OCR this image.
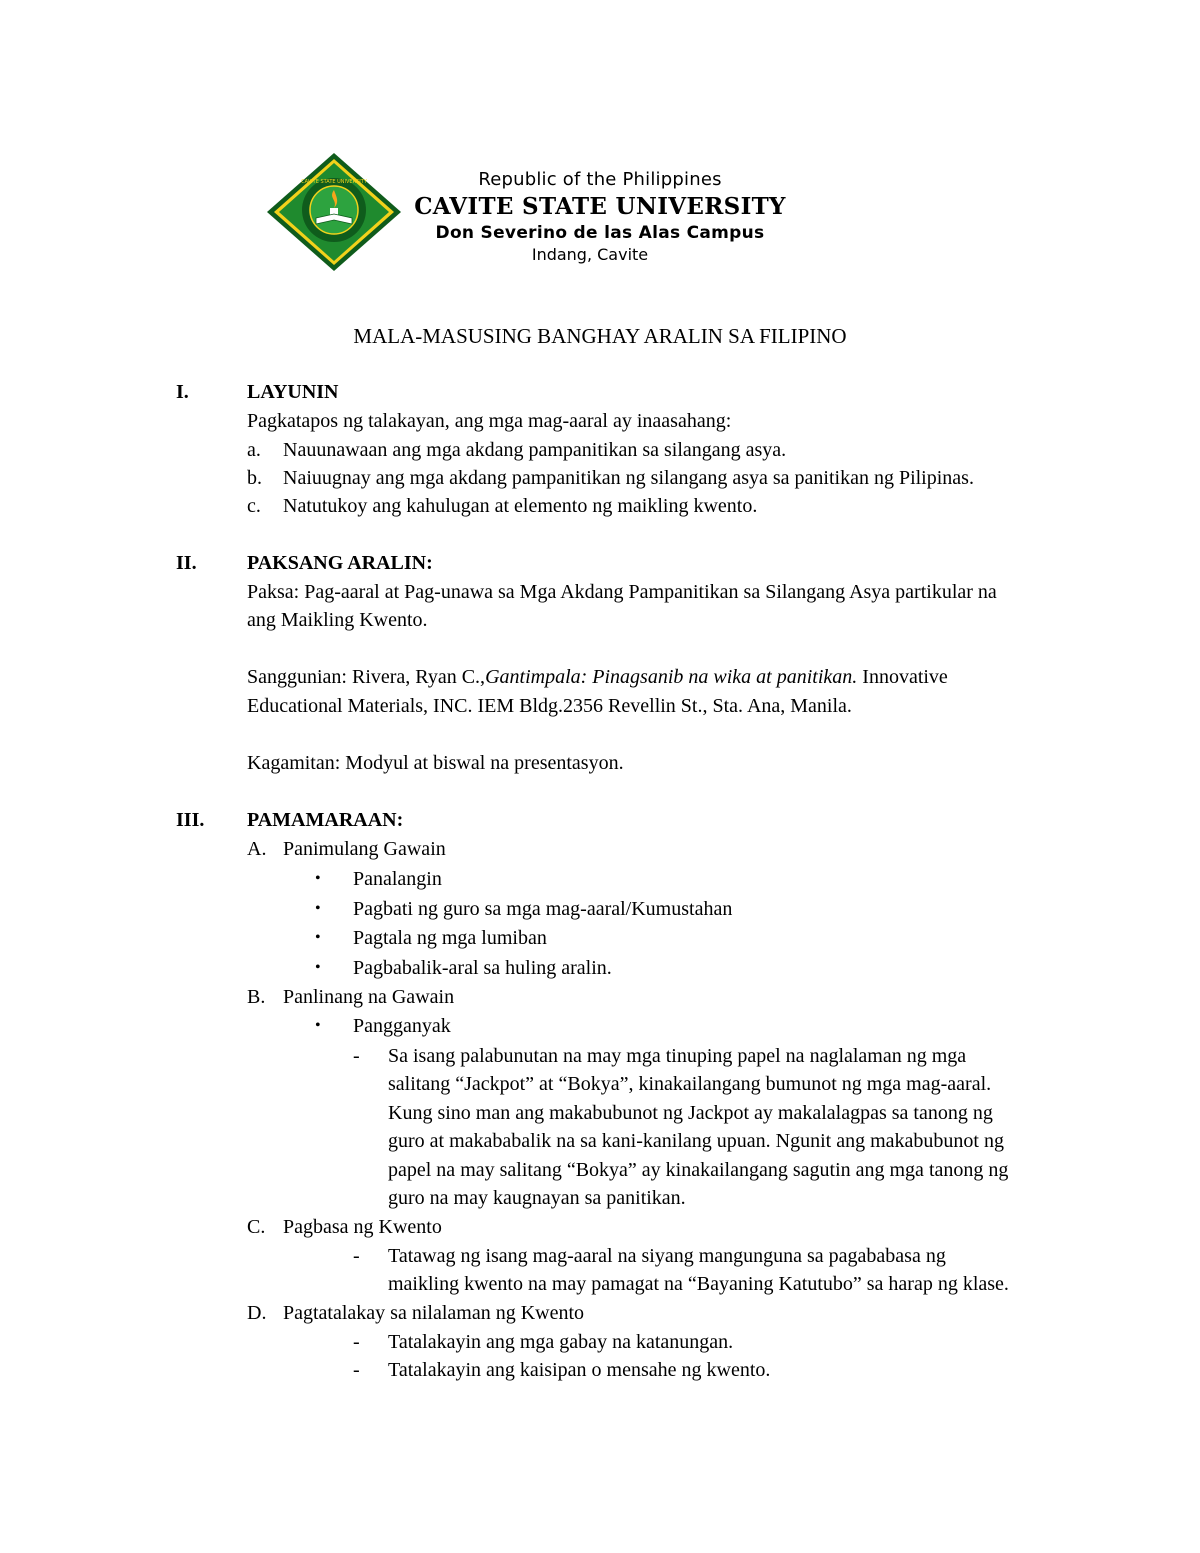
CAVITE STATE UNIVERSITY	Republic of the Philippines
CAVITE STATE UNIVERSITY
Don Severino de las Alas Campus
Indang, Cavite
MALA-MASUSING BANGHAY ARALIN SA FILIPINO
I.	LAYUNIN
Pagkatapos ng talakayan, ang mga mag-aaral ay inaasahang:
a. Nauunawaan ang mga akdang pampanitikan sa silangang asya.
b. Naiuugnay ang mga akdang pampanitikan ng silangang asya sa panitikan ng Pilipinas.
c. Natutukoy ang kahulugan at elemento ng maikling kwento.
II.	PAKSANG ARALIN:
Paksa: Pag-aaral at Pag-unawa sa Mga Akdang Pampanitikan sa Silangang Asya partikular na
ang Maikling Kwento.
Sanggunian: Rivera, Ryan C.,Gantimpala: Pinagsanib na wika at panitikan. Innovative
Educational Materials, INC. IEM Bldg.2356 Revellin St., Sta. Ana, Manila.
Kagamitan: Modyul at biswal na presentasyon.
III. PAMAMARAAN:
A. Panimulang Gawain
• Panalangin
• Pagbati ng guro sa mga mag-aaral/Kumustahan
• Pagtala ng mga lumiban
• Pagbabalik-aral sa huling aralin.
B. Panlinang na Gawain
• Pangganyak
- Sa isang palabunutan na may mga tinuping papel na naglalaman ng mga
salitang “Jackpot” at “Bokya”, kinakailangang bumunot ng mga mag-aaral.
Kung sino man ang makabubunot ng Jackpot ay makalalagpas sa tanong ng
guro at makababalik na sa kani-kanilang upuan. Ngunit ang makabubunot ng
papel na may salitang “Bokya” ay kinakailangang sagutin ang mga tanong ng
guro na may kaugnayan sa panitikan.
C. Pagbasa ng Kwento
- Tatawag ng isang mag-aaral na siyang mangunguna sa pagababasa ng
maikling kwento na may pamagat na “Bayaning Katutubo” sa harap ng klase.
D. Pagtatalakay sa nilalaman ng Kwento
- Tatalakayin ang mga gabay na katanungan.
- Tatalakayin ang kaisipan o mensahe ng kwento.
